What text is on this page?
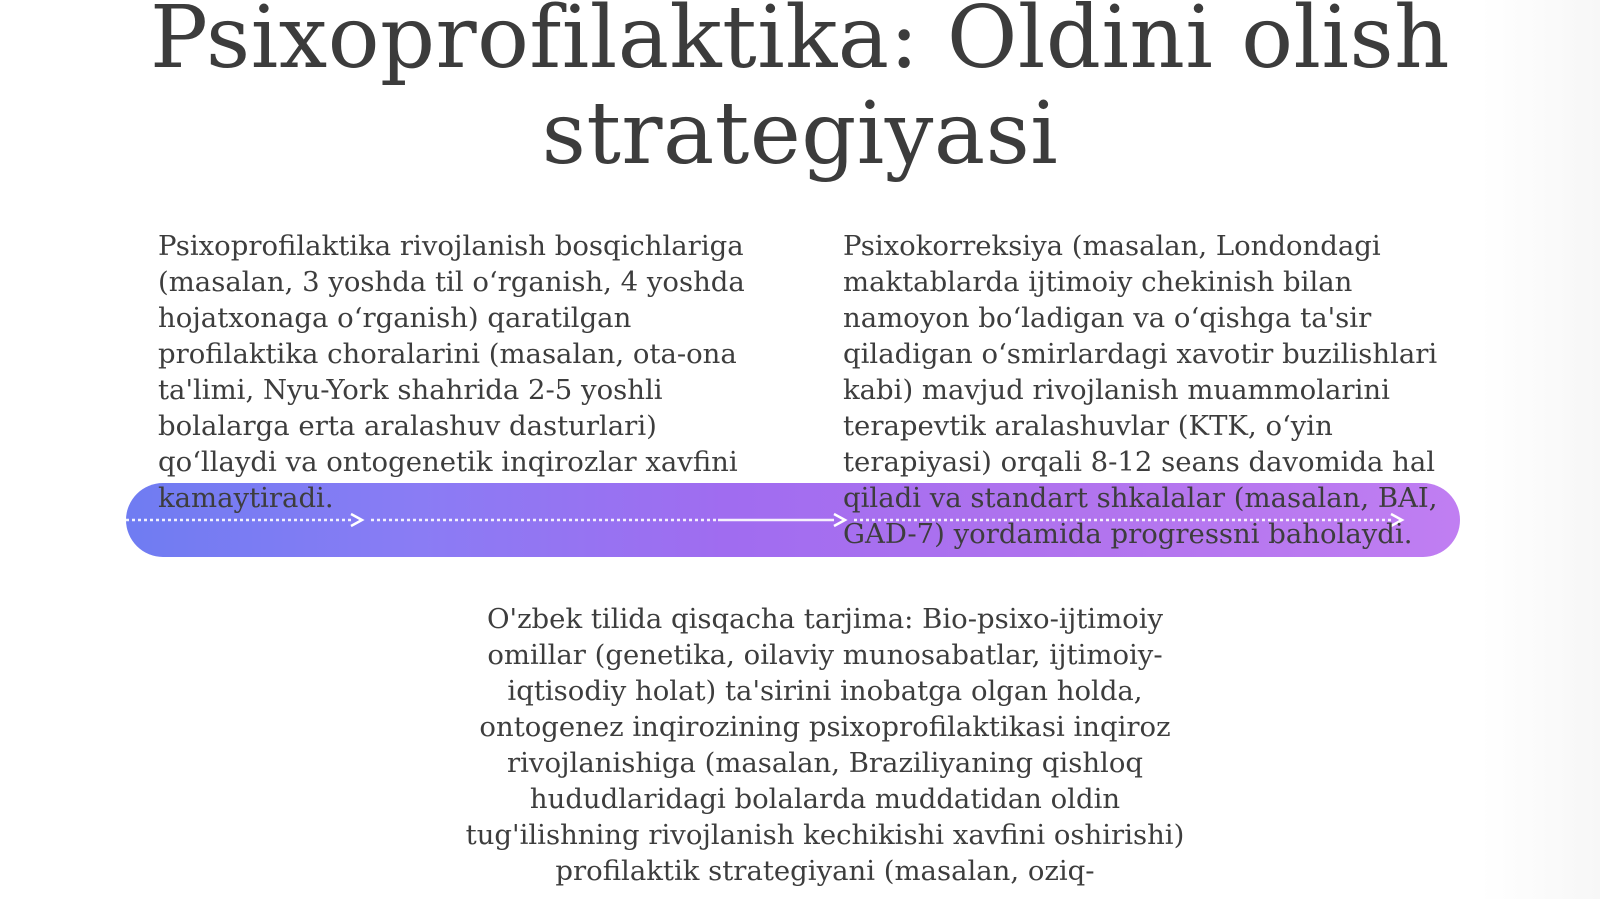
Psixoprofilaktika: Oldini olish strategiyasi

Psixoprofilaktika rivojlanish bosqichlariga (masalan, 3 yoshda til o‘rganish, 4 yoshda hojatxonaga o‘rganish) qaratilgan profilaktika choralarini (masalan, ota-ona ta'limi, Nyu-York shahrida 2-5 yoshli bolalarga erta aralashuv dasturlari) qo‘llaydi va ontogenetik inqirozlar xavfini kamaytiradi.

Psixokorreksiya (masalan, Londondagi maktablarda ijtimoiy chekinish bilan namoyon bo‘ladigan va o‘qishga ta'sir qiladigan o‘smirlardagi xavotir buzilishlari kabi) mavjud rivojlanish muammolarini terapevtik aralashuvlar (KTK, o‘yin terapiyasi) orqali 8-12 seans davomida hal qiladi va standart shkalalar (masalan, BAI, GAD-7) yordamida progressni baholaydi.

O'zbek tilida qisqacha tarjima: Bio-psixo-ijtimoiy omillar (genetika, oilaviy munosabatlar, ijtimoiy-iqtisodiy holat) ta'sirini inobatga olgan holda, ontogenez inqirozining psixoprofilaktikasi inqiroz rivojlanishiga (masalan, Braziliyaning qishloq hududlaridagi bolalarda muddatidan oldin tug'ilishning rivojlanish kechikishi xavfini oshirishi) profilaktik strategiyani (masalan, oziq-
